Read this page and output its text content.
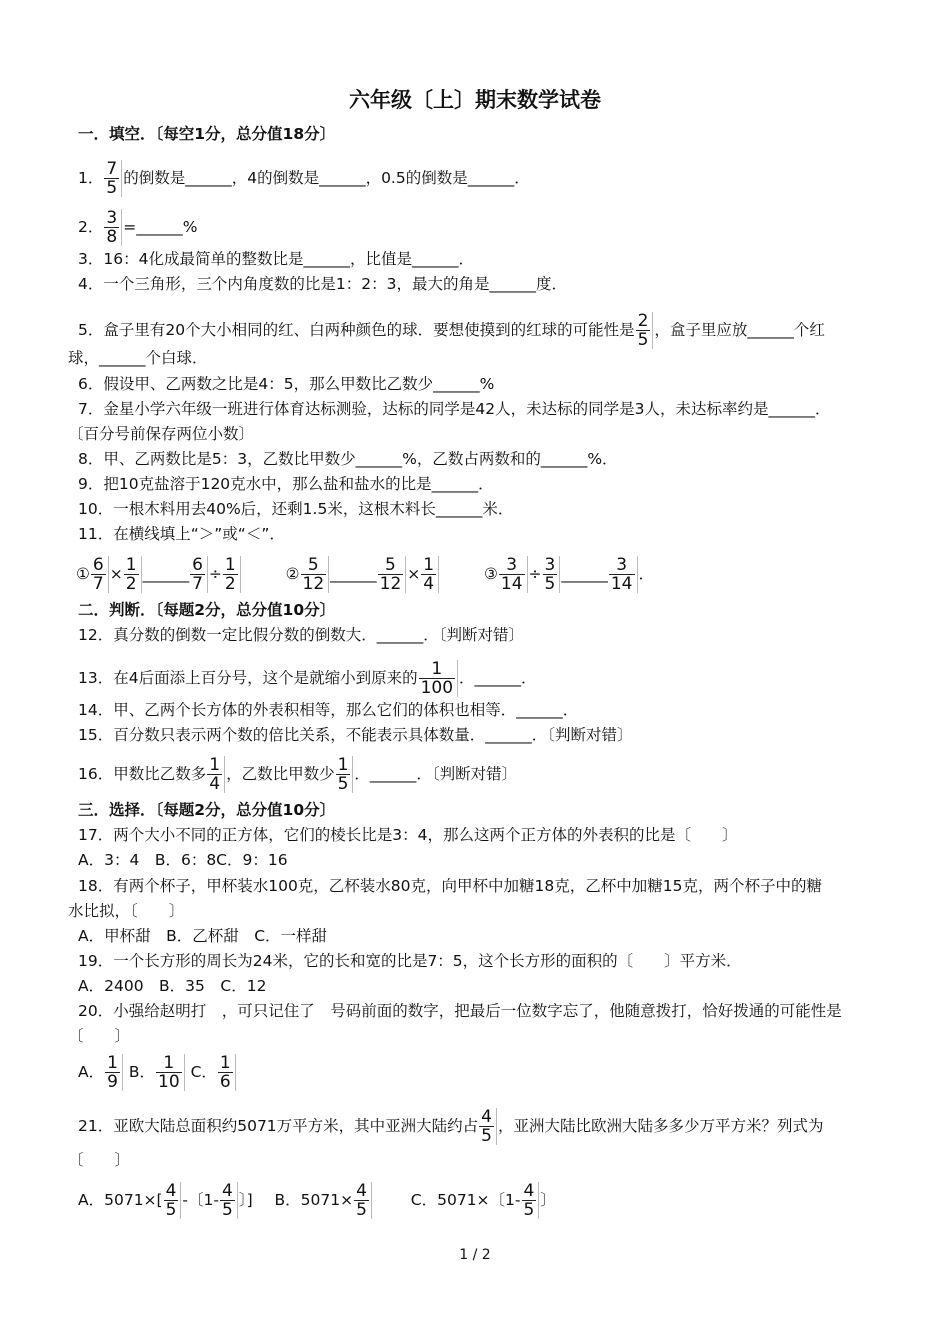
六年级〔上〕期末数学试卷
一．填空．〔每空1分，总分值18分〕
1． $\frac{7}{5}$ 的倒数是______，4的倒数是______，0.5的倒数是______．
2． $\frac{3}{8}$ =______%
3．16：4化成最简单的整数比是______，比值是______．
4．一个三角形，三个内角度数的比是1：2：3，最大的角是______度．
5．盒子里有20个大小相同的红、白两种颜色的球．要想使摸到的红球的可能性是 $\frac{2}{5}$ ，盒子里应放______个红
球，______个白球．
6．假设甲、乙两数之比是4：5，那么甲数比乙数少______%
7．金星小学六年级一班进行体育达标测验，达标的同学是42人，未达标的同学是3人，未达标率约是______．
〔百分号前保存两位小数〕
8．甲、乙两数比是5：3，乙数比甲数少______%，乙数占两数和的______%．
9．把10克盐溶于120克水中，那么盐和盐水的比是______．
10．一根木料用去40%后，还剩1.5米，这根木料长______米．
11．在横线填上“＞”或“＜”．
① $\frac{6}{7} \times \frac{1}{2}$ ______ $\frac{6}{7} \div \frac{1}{2}$	② $\frac{5}{12}$ ______ $\frac{5}{12} \times \frac{1}{4}$	③ $\frac{3}{14} \div \frac{3}{5}$ ______ $\frac{3}{14}$ ．
二．判断．〔每题2分，总分值10分〕
12．真分数的倒数一定比假分数的倒数大．______．〔判断对错〕
13．在4后面添上百分号，这个是就缩小到原来的 $\frac{1}{100}$ ．______．
14．甲、乙两个长方体的外表积相等，那么它们的体积也相等．______．
15．百分数只表示两个数的倍比关系，不能表示具体数量．______．〔判断对错〕
16．甲数比乙数多 $\frac{1}{4}$ ，乙数比甲数少 $\frac{1}{5}$ ．______．〔判断对错〕
三．选择．〔每题2分，总分值10分〕
17．两个大小不同的正方体，它们的棱长比是3：4，那么这两个正方体的外表积的比是〔　　〕
A．3：4　B．6：8C．9：16
18．有两个杯子，甲杯装水100克，乙杯装水80克，向甲杯中加糖18克，乙杯中加糖15克，两个杯子中的糖
水比拟，〔　　〕
A．甲杯甜　B．乙杯甜　C．一样甜
19．一个长方形的周长为24米，它的长和宽的比是7：5，这个长方形的面积的〔　　〕平方米．
A．2400　B．35　C．12
20．小强给赵明打　，可只记住了　号码前面的数字，把最后一位数字忘了，他随意拨打，恰好拨通的可能性是
〔　　〕
A． $\frac{1}{9}$ B． $\frac{1}{10}$ C． $\frac{1}{6}$
21．亚欧大陆总面积约5071万平方米，其中亚洲大陆约占 $\frac{4}{5}$ ，亚洲大陆比欧洲大陆多多少万平方米？列式为
〔　　〕
A．$5071\times[ \frac{4}{5}$ -〔$1- \frac{4}{5}$ 〕] B．$5071\times \frac{4}{5}$	C．5071×〔$1- \frac{4}{5}$ 〕
1 / 2
